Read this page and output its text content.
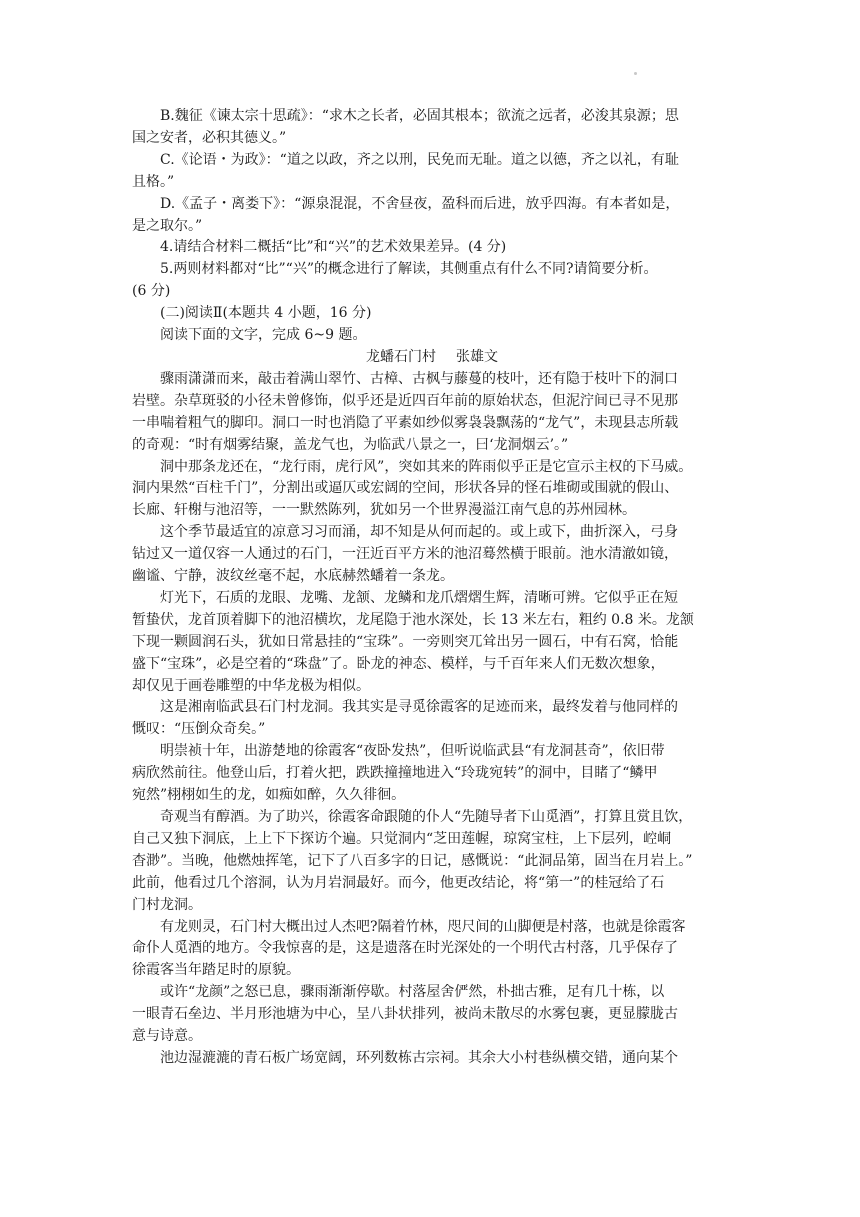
B.魏征《谏太宗十思疏》：“求木之长者，必固其根本；欲流之远者，必浚其泉源；思
国之安者，必积其德义。”

C.《论语・为政》：“道之以政，齐之以刑，民免而无耻。道之以德，齐之以礼，有耻
且格。”

D.《孟子・离娄下》：“源泉混混，不舍昼夜，盈科而后进，放乎四海。有本者如是，
是之取尔。”

4.请结合材料二概括“比”和“兴”的艺术效果差异。(4 分)

5.两则材料都对“比”“兴”的概念进行了解读，其侧重点有什么不同?请简要分析。
(6 分)

(二)阅读Ⅱ(本题共 4 小题，16 分)

阅读下面的文字，完成 6~9 题。

龙蟠石门村 张雄文

骤雨潇潇而来，敲击着满山翠竹、古樟、古枫与藤蔓的枝叶，还有隐于枝叶下的洞口
岩壁。杂草斑驳的小径未曾修饰，似乎还是近四百年前的原始状态，但泥泞间已寻不见那
一串喘着粗气的脚印。洞口一时也消隐了平素如纱似雾袅袅飘荡的“龙气”，未现县志所载
的奇观：“时有烟雾结聚，盖龙气也，为临武八景之一，曰‘龙洞烟云’。”

洞中那条龙还在，“龙行雨，虎行风”，突如其来的阵雨似乎正是它宣示主权的下马威。
洞内果然“百柱千门”，分割出或逼仄或宏阔的空间，形状各异的怪石堆砌或围就的假山、
长廊、轩榭与池沼等，一一默然陈列，犹如另一个世界漫溢江南气息的苏州园林。

这个季节最适宜的凉意习习而涌，却不知是从何而起的。或上或下，曲折深入，弓身
钻过又一道仅容一人通过的石门，一汪近百平方米的池沼蓦然横于眼前。池水清澈如镜，
幽谧、宁静，波纹丝毫不起，水底赫然蟠着一条龙。

灯光下，石质的龙眼、龙嘴、龙颔、龙鳞和龙爪熠熠生辉，清晰可辨。它似乎正在短
暂蛰伏，龙首顶着脚下的池沼横坎，龙尾隐于池水深处，长 13 米左右，粗约 0.8 米。龙颔
下现一颗圆润石头，犹如日常悬挂的“宝珠”。一旁则突兀耸出另一圆石，中有石窝，恰能
盛下“宝珠”，必是空着的“珠盘”了。卧龙的神态、模样，与千百年来人们无数次想象，
却仅见于画卷雕塑的中华龙极为相似。

这是湘南临武县石门村龙洞。我其实是寻觅徐霞客的足迹而来，最终发着与他同样的
慨叹：“压倒众奇矣。”

明崇祯十年，出游楚地的徐霞客“夜卧发热”，但听说临武县“有龙洞甚奇”，依旧带
病欣然前往。他登山后，打着火把，跌跌撞撞地进入“玲珑宛转”的洞中，目睹了“鳞甲
宛然”栩栩如生的龙，如痴如醉，久久徘徊。

奇观当有醇酒。为了助兴，徐霞客命跟随的仆人“先随导者下山觅酒”，打算且赏且饮，
自己又独下洞底，上上下下探访个遍。只觉洞内“芝田莲幄，琼窝宝柱，上下层列，崆峒
杳渺”。当晚，他燃烛挥笔，记下了八百多字的日记，感慨说：“此洞品第，固当在月岩上。”
此前，他看过几个溶洞，认为月岩洞最好。而今，他更改结论，将“第一”的桂冠给了石
门村龙洞。

有龙则灵，石门村大概出过人杰吧?隔着竹林，咫尺间的山脚便是村落，也就是徐霞客
命仆人觅酒的地方。令我惊喜的是，这是遗落在时光深处的一个明代古村落，几乎保存了
徐霞客当年踏足时的原貌。

或许“龙颜”之怒已息，骤雨渐渐停歇。村落屋舍俨然，朴拙古雅，足有几十栋，以
一眼青石垒边、半月形池塘为中心，呈八卦状排列，被尚未散尽的水雾包裹，更显朦胧古
意与诗意。

池边湿漉漉的青石板广场宽阔，环列数栋古宗祠。其余大小村巷纵横交错，通向某个
